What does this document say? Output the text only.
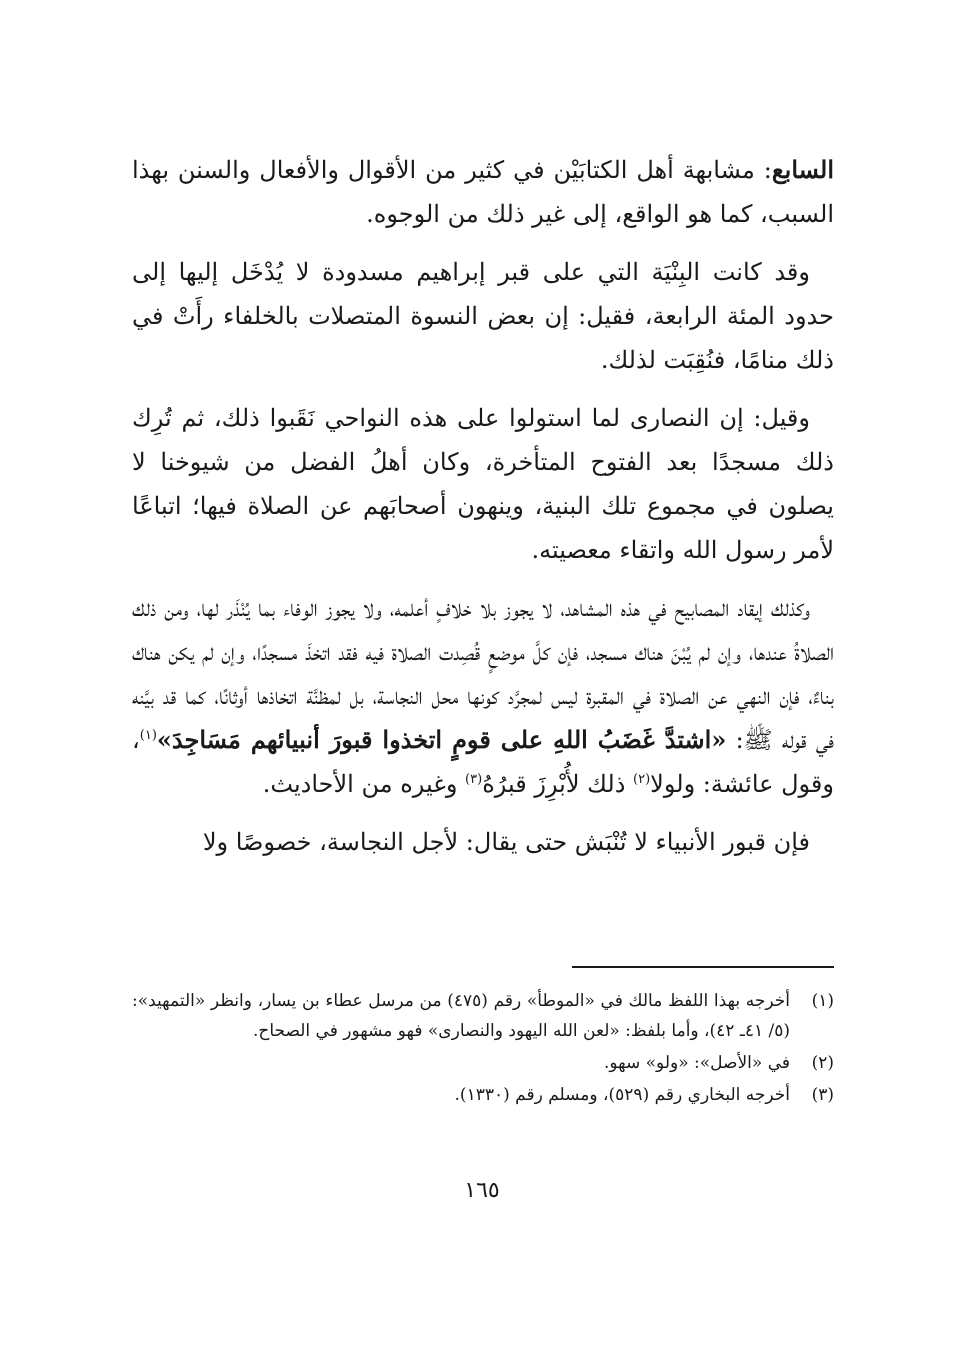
السابع: مشابهة أهل الكتابَيْن في كثير من الأقوال والأفعال والسنن بهذا السبب، كما هو الواقع، إلى غير ذلك من الوجوه.

وقد كانت البِنْيَة التي على قبر إبراهيم مسدودة لا يُدْخَل إليها إلى حدود المئة الرابعة، فقيل: إن بعض النسوة المتصلات بالخلفاء رأَتْ في ذلك منامًا، فنُقِبَت لذلك.

وقيل: إن النصارى لما استولوا على هذه النواحي نَقَبوا ذلك، ثم تُرِك ذلك مسجدًا بعد الفتوح المتأخرة، وكان أهلُ الفضل من شيوخنا لا يصلون في مجموع تلك البنية، وينهون أصحابَهم عن الصلاة فيها؛ اتباعًا لأمر رسول الله واتقاء معصيته.

وكذلك إيقاد المصابيح في هذه المشاهد، لا يجوز بلا خلافٍ أعلمه، ولا يجوز الوفاء بما يُنْذَر لها، ومن ذلك الصلاةُ عندها، وإن لم يُبْنَ هناك مسجد، فإن كلَّ موضعٍ قُصِدت الصلاة فيه فقد اتخذَ مسجدًا، وإن لم يكن هناك بناءٌ، فإن النهي عن الصلاة في المقبرة ليس لمجرَّد كونها محل النجاسة، بل لمظنَّة اتخاذها أوثانًا، كما قد بيَّنه في قوله ﷺ: «اشتدَّ غَضَبُ اللهِ على قومٍ اتخذوا قبورَ أنبيائهم مَسَاجِدَ»$^{(١)}$، وقول عائشة: ولولا$^{(٢)}$ ذلك لأُبْرِزَ قبرُهُ$^{(٣)}$ وغيره من الأحاديث.

فإن قبور الأنبياء لا تُنْبَش حتى يقال: لأجل النجاسة، خصوصًا ولا

(١)
أخرجه بهذا اللفظ مالك في «الموطأ» رقم (٤٧٥) من مرسل عطاء بن يسار، وانظر «التمهيد»: (٥/ ٤١ـ ٤٢)، وأما بلفظ: «لعن الله اليهود والنصارى» فهو مشهور في الصحاح.
(٢)
في «الأصل»: «ولو» سهو.
(٣)
أخرجه البخاري رقم (٥٢٩)، ومسلم رقم (١٣٣٠).
١٦٥
